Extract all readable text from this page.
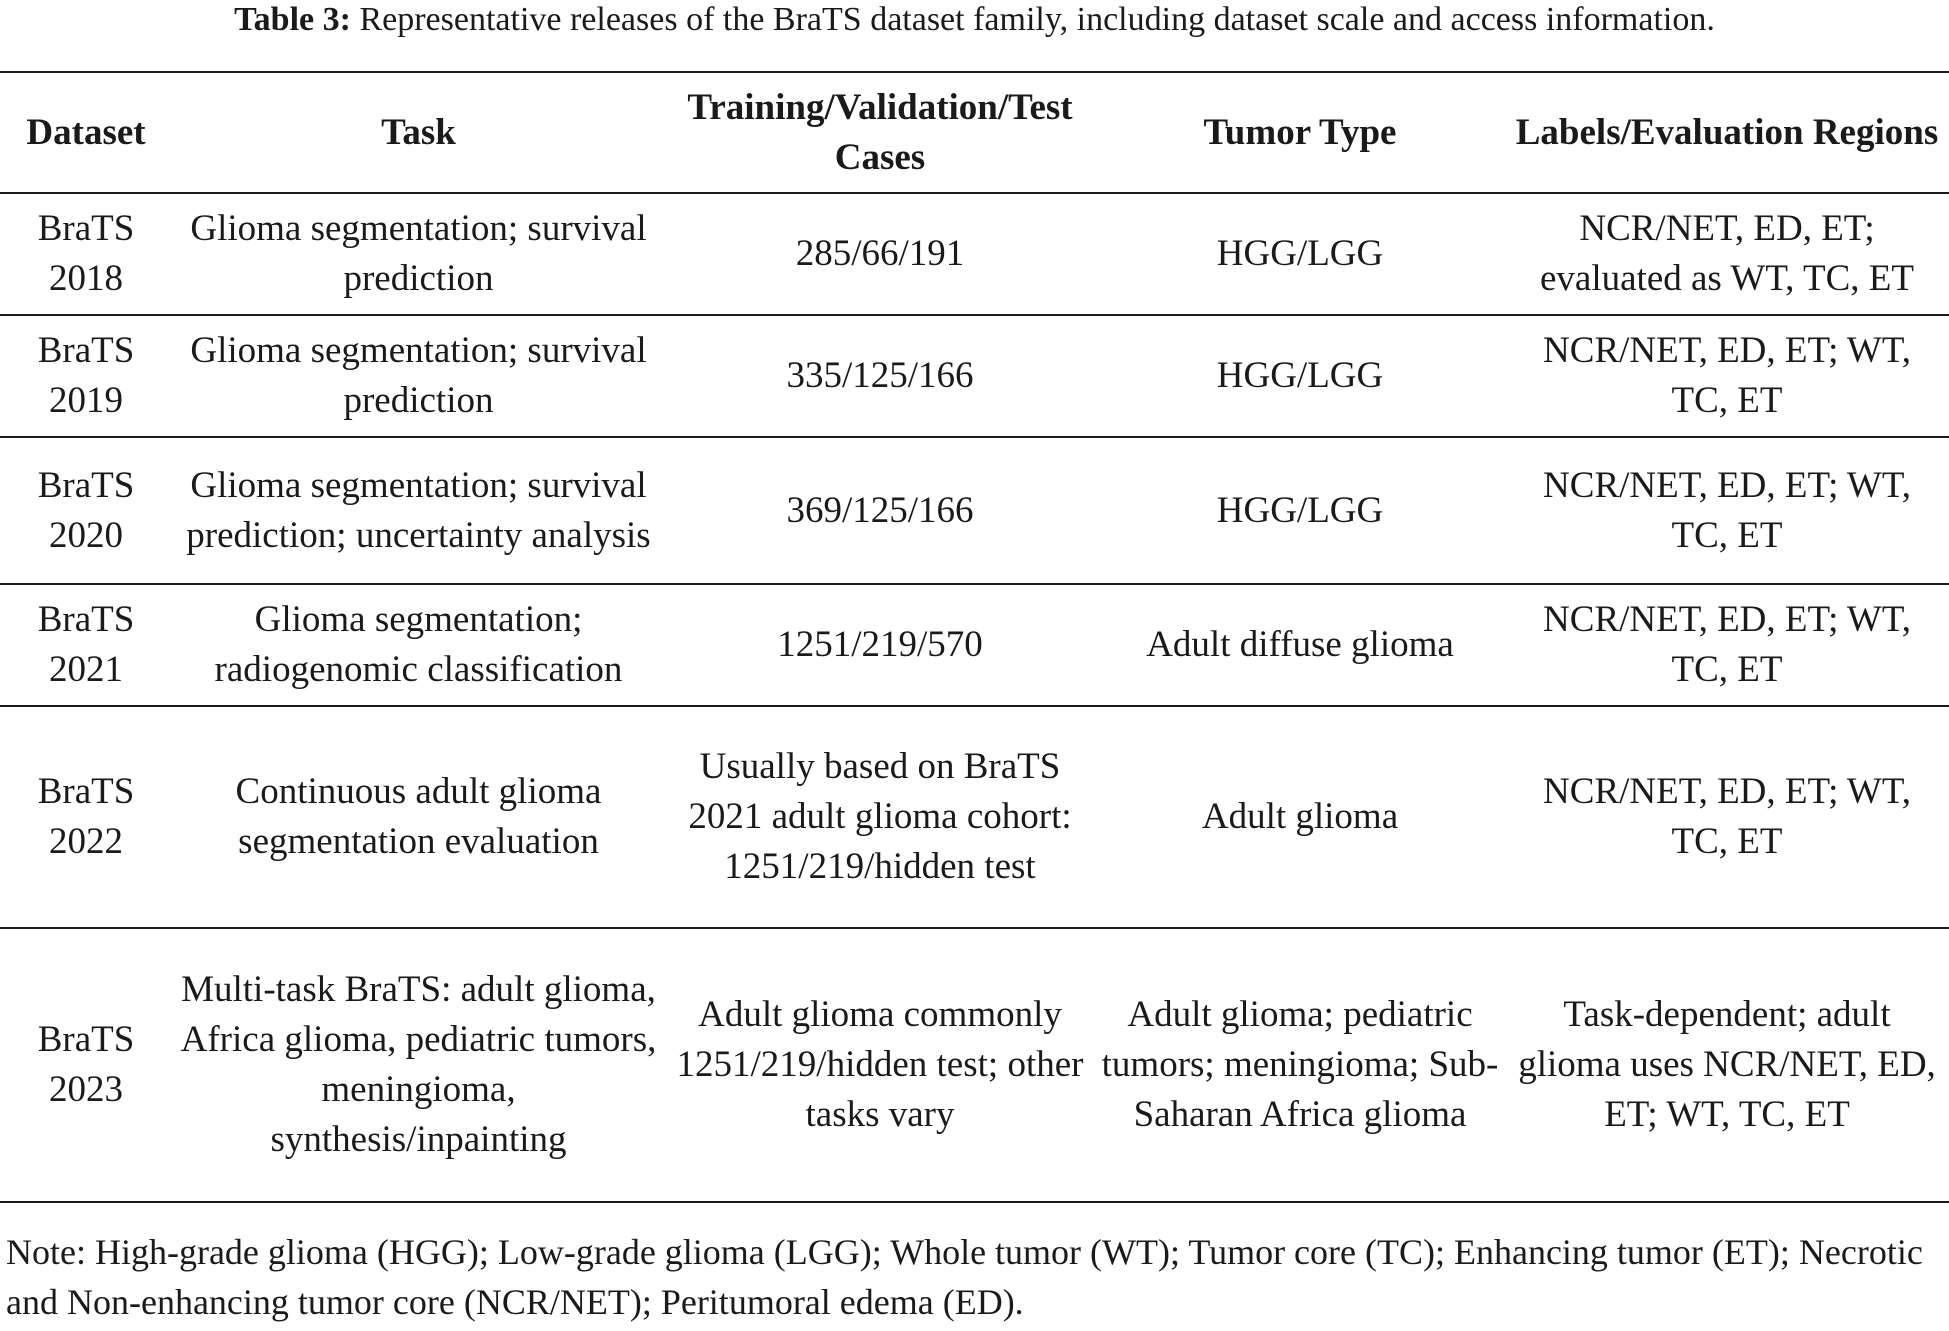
Table 3: Representative releases of the BraTS dataset family, including dataset scale and access information.
Dataset	Task	Training/Validation/Test Cases	Tumor Type	Labels/Evaluation Regions
BraTS 2018	Glioma segmentation; survival prediction	285/66/191	HGG/LGG	NCR/NET, ED, ET; evaluated as WT, TC, ET
BraTS 2019	Glioma segmentation; survival prediction	335/125/166	HGG/LGG	NCR/NET, ED, ET; WT, TC, ET
BraTS 2020	Glioma segmentation; survival prediction; uncertainty analysis	369/125/166	HGG/LGG	NCR/NET, ED, ET; WT, TC, ET
BraTS 2021	Glioma segmentation; radiogenomic classification	1251/219/570	Adult diffuse glioma	NCR/NET, ED, ET; WT, TC, ET
BraTS 2022	Continuous adult glioma segmentation evaluation	Usually based on BraTS 2021 adult glioma cohort: 1251/219/hidden test	Adult glioma	NCR/NET, ED, ET; WT, TC, ET
BraTS 2023	Multi-task BraTS: adult glioma, Africa glioma, pediatric tumors, meningioma, synthesis/inpainting	Adult glioma commonly 1251/219/hidden test; other tasks vary	Adult glioma; pediatric tumors; meningioma; Sub-Saharan Africa glioma	Task-dependent; adult glioma uses NCR/NET, ED, ET; WT, TC, ET
Note: High-grade glioma (HGG); Low-grade glioma (LGG); Whole tumor (WT); Tumor core (TC); Enhancing tumor (ET); Necrotic and Non-enhancing tumor core (NCR/NET); Peritumoral edema (ED).
